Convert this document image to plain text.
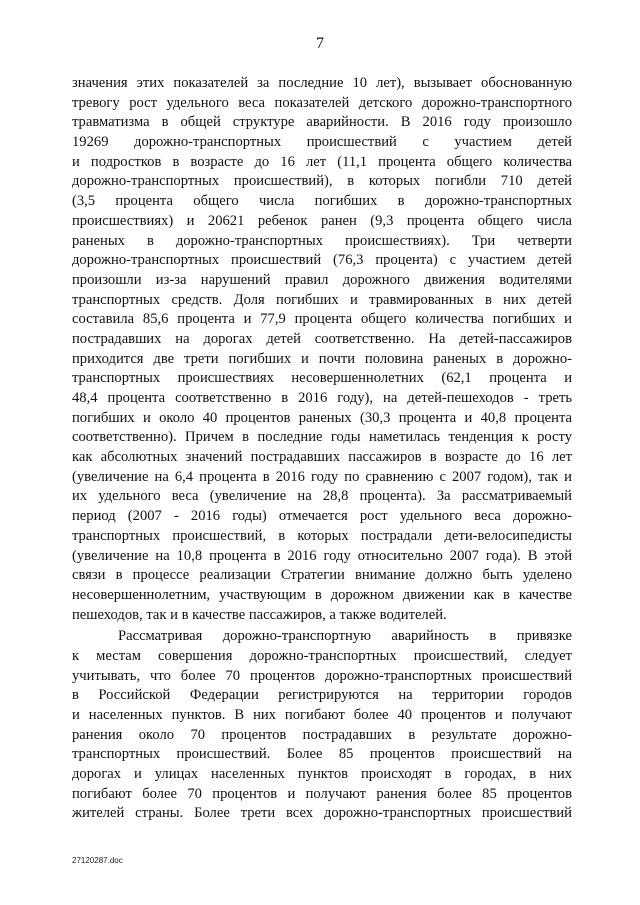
7
значения этих показателей за последние 10 лет), вызывает обоснованную
тревогу рост удельного веса показателей детского дорожно-транспортного
травматизма в общей структуре аварийности. В 2016 году произошло
19269 дорожно-транспортных происшествий с участием детей
и подростков в возрасте до 16 лет (11,1 процента общего количества
дорожно-транспортных происшествий), в которых погибли 710 детей
(3,5 процента общего числа погибших в дорожно-транспортных
происшествиях) и 20621 ребенок ранен (9,3 процента общего числа
раненых в дорожно-транспортных происшествиях). Три четверти
дорожно-транспортных происшествий (76,3 процента) с участием детей
произошли из-за нарушений правил дорожного движения водителями
транспортных средств. Доля погибших и травмированных в них детей
составила 85,6 процента и 77,9 процента общего количества погибших и
пострадавших на дорогах детей соответственно. На детей-пассажиров
приходится две трети погибших и почти половина раненых в дорожно-
транспортных происшествиях несовершеннолетних (62,1 процента и
48,4 процента соответственно в 2016 году), на детей-пешеходов - треть
погибших и около 40 процентов раненых (30,3 процента и 40,8 процента
соответственно). Причем в последние годы наметилась тенденция к росту
как абсолютных значений пострадавших пассажиров в возрасте до 16 лет
(увеличение на 6,4 процента в 2016 году по сравнению с 2007 годом), так и
их удельного веса (увеличение на 28,8 процента). За рассматриваемый
период (2007 - 2016 годы) отмечается рост удельного веса дорожно-
транспортных происшествий, в которых пострадали дети-велосипедисты
(увеличение на 10,8 процента в 2016 году относительно 2007 года). В этой
связи в процессе реализации Стратегии внимание должно быть уделено
несовершеннолетним, участвующим в дорожном движении как в качестве
пешеходов, так и в качестве пассажиров, а также водителей.
Рассматривая дорожно-транспортную аварийность в привязке
к местам совершения дорожно-транспортных происшествий, следует
учитывать, что более 70 процентов дорожно-транспортных происшествий
в Российской Федерации регистрируются на территории городов
и населенных пунктов. В них погибают более 40 процентов и получают
ранения около 70 процентов пострадавших в результате дорожно-
транспортных происшествий. Более 85 процентов происшествий на
дорогах и улицах населенных пунктов происходят в городах, в них
погибают более 70 процентов и получают ранения более 85 процентов
жителей страны. Более трети всех дорожно-транспортных происшествий
27120287.doc
